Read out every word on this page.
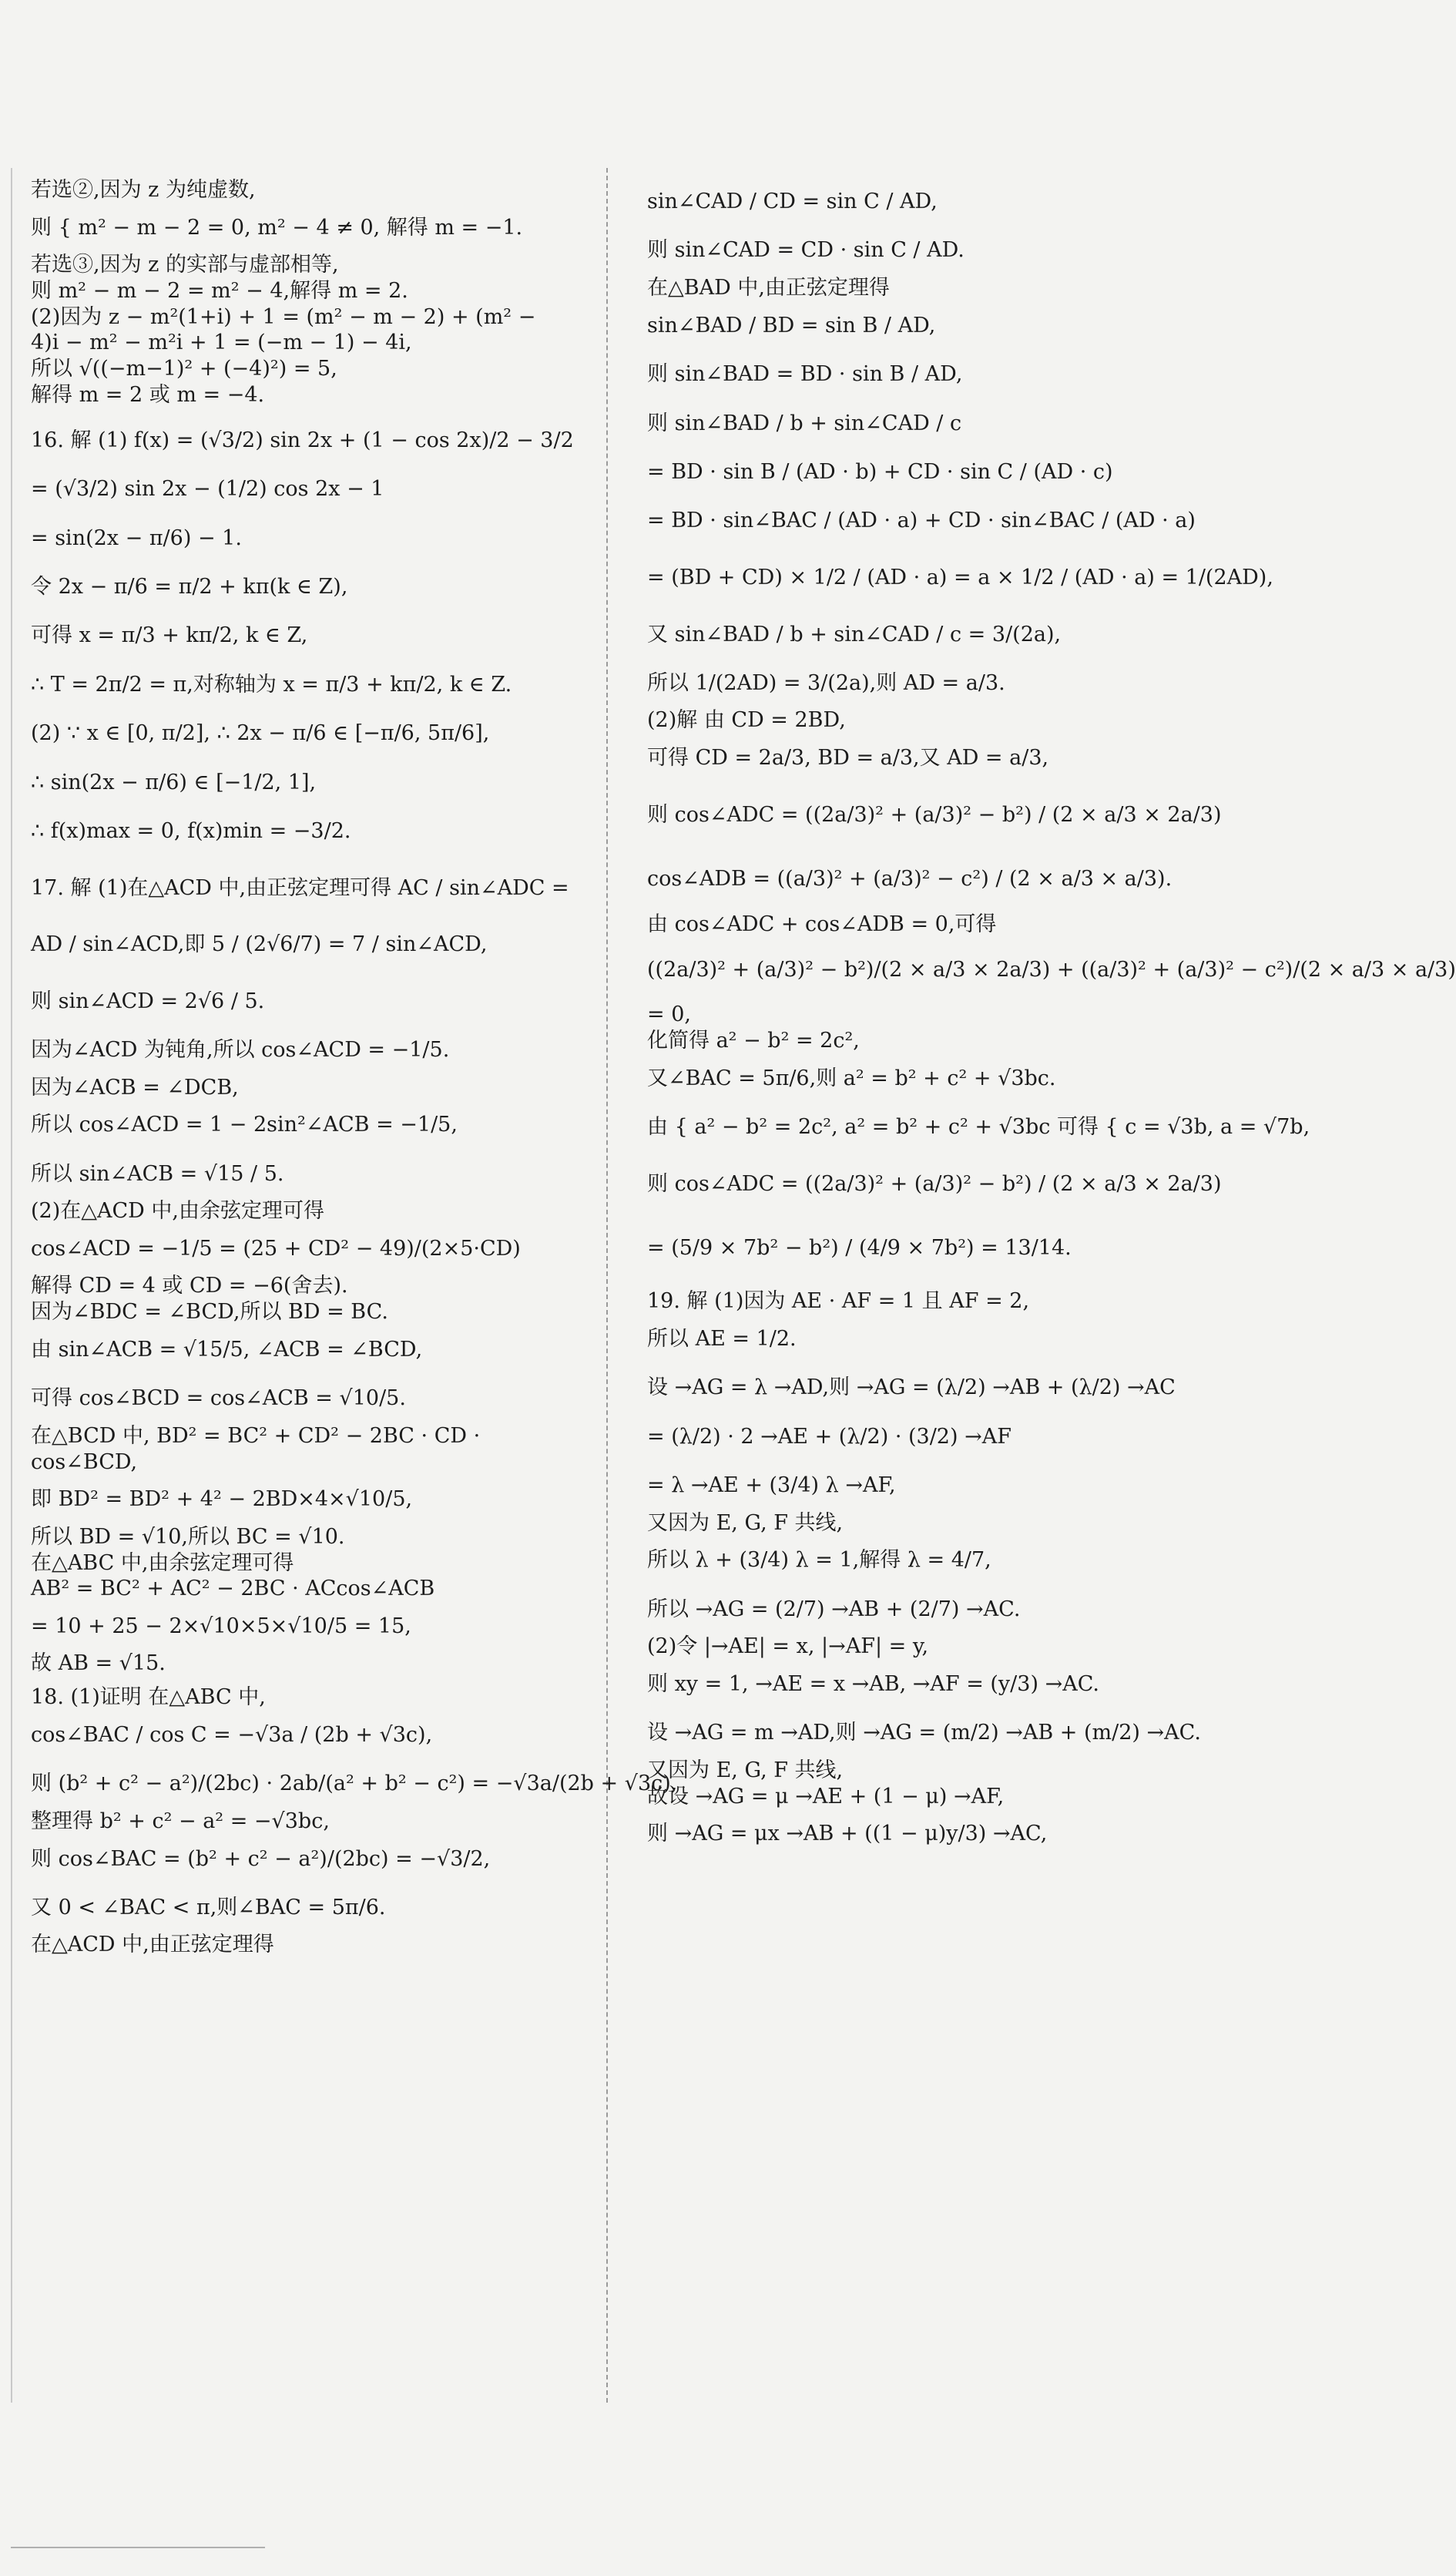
若选②,因为 z 为纯虚数,

则 { m² − m − 2 = 0, m² − 4 ≠ 0, 解得 m = −1.

若选③,因为 z 的实部与虚部相等,

则 m² − m − 2 = m² − 4,解得 m = 2.

(2)因为 z − m²(1+i) + 1 = (m² − m − 2) + (m² −

4)i − m² − m²i + 1 = (−m − 1) − 4i,

所以 √((−m−1)² + (−4)²) = 5,

解得 m = 2 或 m = −4.

16. 解 (1) f(x) = (√3/2) sin 2x + (1 − cos 2x)/2 − 3/2

= (√3/2) sin 2x − (1/2) cos 2x − 1

= sin(2x − π/6) − 1.

令 2x − π/6 = π/2 + kπ(k ∈ Z),

可得 x = π/3 + kπ/2, k ∈ Z,

∴ T = 2π/2 = π,对称轴为 x = π/3 + kπ/2, k ∈ Z.

(2) ∵ x ∈ [0, π/2], ∴ 2x − π/6 ∈ [−π/6, 5π/6],

∴ sin(2x − π/6) ∈ [−1/2, 1],

∴ f(x)max = 0, f(x)min = −3/2.

17. 解 (1)在△ACD 中,由正弦定理可得 AC / sin∠ADC =

AD / sin∠ACD,即 5 / (2√6/7) = 7 / sin∠ACD,

则 sin∠ACD = 2√6 / 5.

因为∠ACD 为钝角,所以 cos∠ACD = −1/5.

因为∠ACB = ∠DCB,

所以 cos∠ACD = 1 − 2sin²∠ACB = −1/5,

所以 sin∠ACB = √15 / 5.

(2)在△ACD 中,由余弦定理可得

cos∠ACD = −1/5 = (25 + CD² − 49)/(2×5·CD)

解得 CD = 4 或 CD = −6(舍去).

因为∠BDC = ∠BCD,所以 BD = BC.

由 sin∠ACB = √15/5, ∠ACB = ∠BCD,

可得 cos∠BCD = cos∠ACB = √10/5.

在△BCD 中, BD² = BC² + CD² − 2BC · CD ·

cos∠BCD,

即 BD² = BD² + 4² − 2BD×4×√10/5,

所以 BD = √10,所以 BC = √10.

在△ABC 中,由余弦定理可得

AB² = BC² + AC² − 2BC · ACcos∠ACB

= 10 + 25 − 2×√10×5×√10/5 = 15,

故 AB = √15.

18. (1)证明 在△ABC 中,

cos∠BAC / cos C = −√3a / (2b + √3c),

则 (b² + c² − a²)/(2bc) · 2ab/(a² + b² − c²) = −√3a/(2b + √3c),

整理得 b² + c² − a² = −√3bc,

则 cos∠BAC = (b² + c² − a²)/(2bc) = −√3/2,

又 0 < ∠BAC < π,则∠BAC = 5π/6.

在△ACD 中,由正弦定理得

sin∠CAD / CD = sin C / AD,

则 sin∠CAD = CD · sin C / AD.

在△BAD 中,由正弦定理得

sin∠BAD / BD = sin B / AD,

则 sin∠BAD = BD · sin B / AD,

则 sin∠BAD / b + sin∠CAD / c

= BD · sin B / (AD · b) + CD · sin C / (AD · c)

= BD · sin∠BAC / (AD · a) + CD · sin∠BAC / (AD · a)

= (BD + CD) × 1/2 / (AD · a) = a × 1/2 / (AD · a) = 1/(2AD),

又 sin∠BAD / b + sin∠CAD / c = 3/(2a),

所以 1/(2AD) = 3/(2a),则 AD = a/3.

(2)解 由 CD = 2BD,

可得 CD = 2a/3, BD = a/3,又 AD = a/3,

则 cos∠ADC = ((2a/3)² + (a/3)² − b²) / (2 × a/3 × 2a/3)

cos∠ADB = ((a/3)² + (a/3)² − c²) / (2 × a/3 × a/3).

由 cos∠ADC + cos∠ADB = 0,可得

((2a/3)² + (a/3)² − b²)/(2 × a/3 × 2a/3) + ((a/3)² + (a/3)² − c²)/(2 × a/3 × a/3)

= 0,

化简得 a² − b² = 2c²,

又∠BAC = 5π/6,则 a² = b² + c² + √3bc.

由 { a² − b² = 2c², a² = b² + c² + √3bc 可得 { c = √3b, a = √7b,

则 cos∠ADC = ((2a/3)² + (a/3)² − b²) / (2 × a/3 × 2a/3)

= (5/9 × 7b² − b²) / (4/9 × 7b²) = 13/14.

19. 解 (1)因为 AE · AF = 1 且 AF = 2,

所以 AE = 1/2.

设 →AG = λ →AD,则 →AG = (λ/2) →AB + (λ/2) →AC

= (λ/2) · 2 →AE + (λ/2) · (3/2) →AF

= λ →AE + (3/4) λ →AF,

又因为 E, G, F 共线,

所以 λ + (3/4) λ = 1,解得 λ = 4/7,

所以 →AG = (2/7) →AB + (2/7) →AC.

(2)令 |→AE| = x, |→AF| = y,

则 xy = 1, →AE = x →AB, →AF = (y/3) →AC.

设 →AG = m →AD,则 →AG = (m/2) →AB + (m/2) →AC.

又因为 E, G, F 共线,

故设 →AG = μ →AE + (1 − μ) →AF,

则 →AG = μx →AB + ((1 − μ)y/3) →AC,
